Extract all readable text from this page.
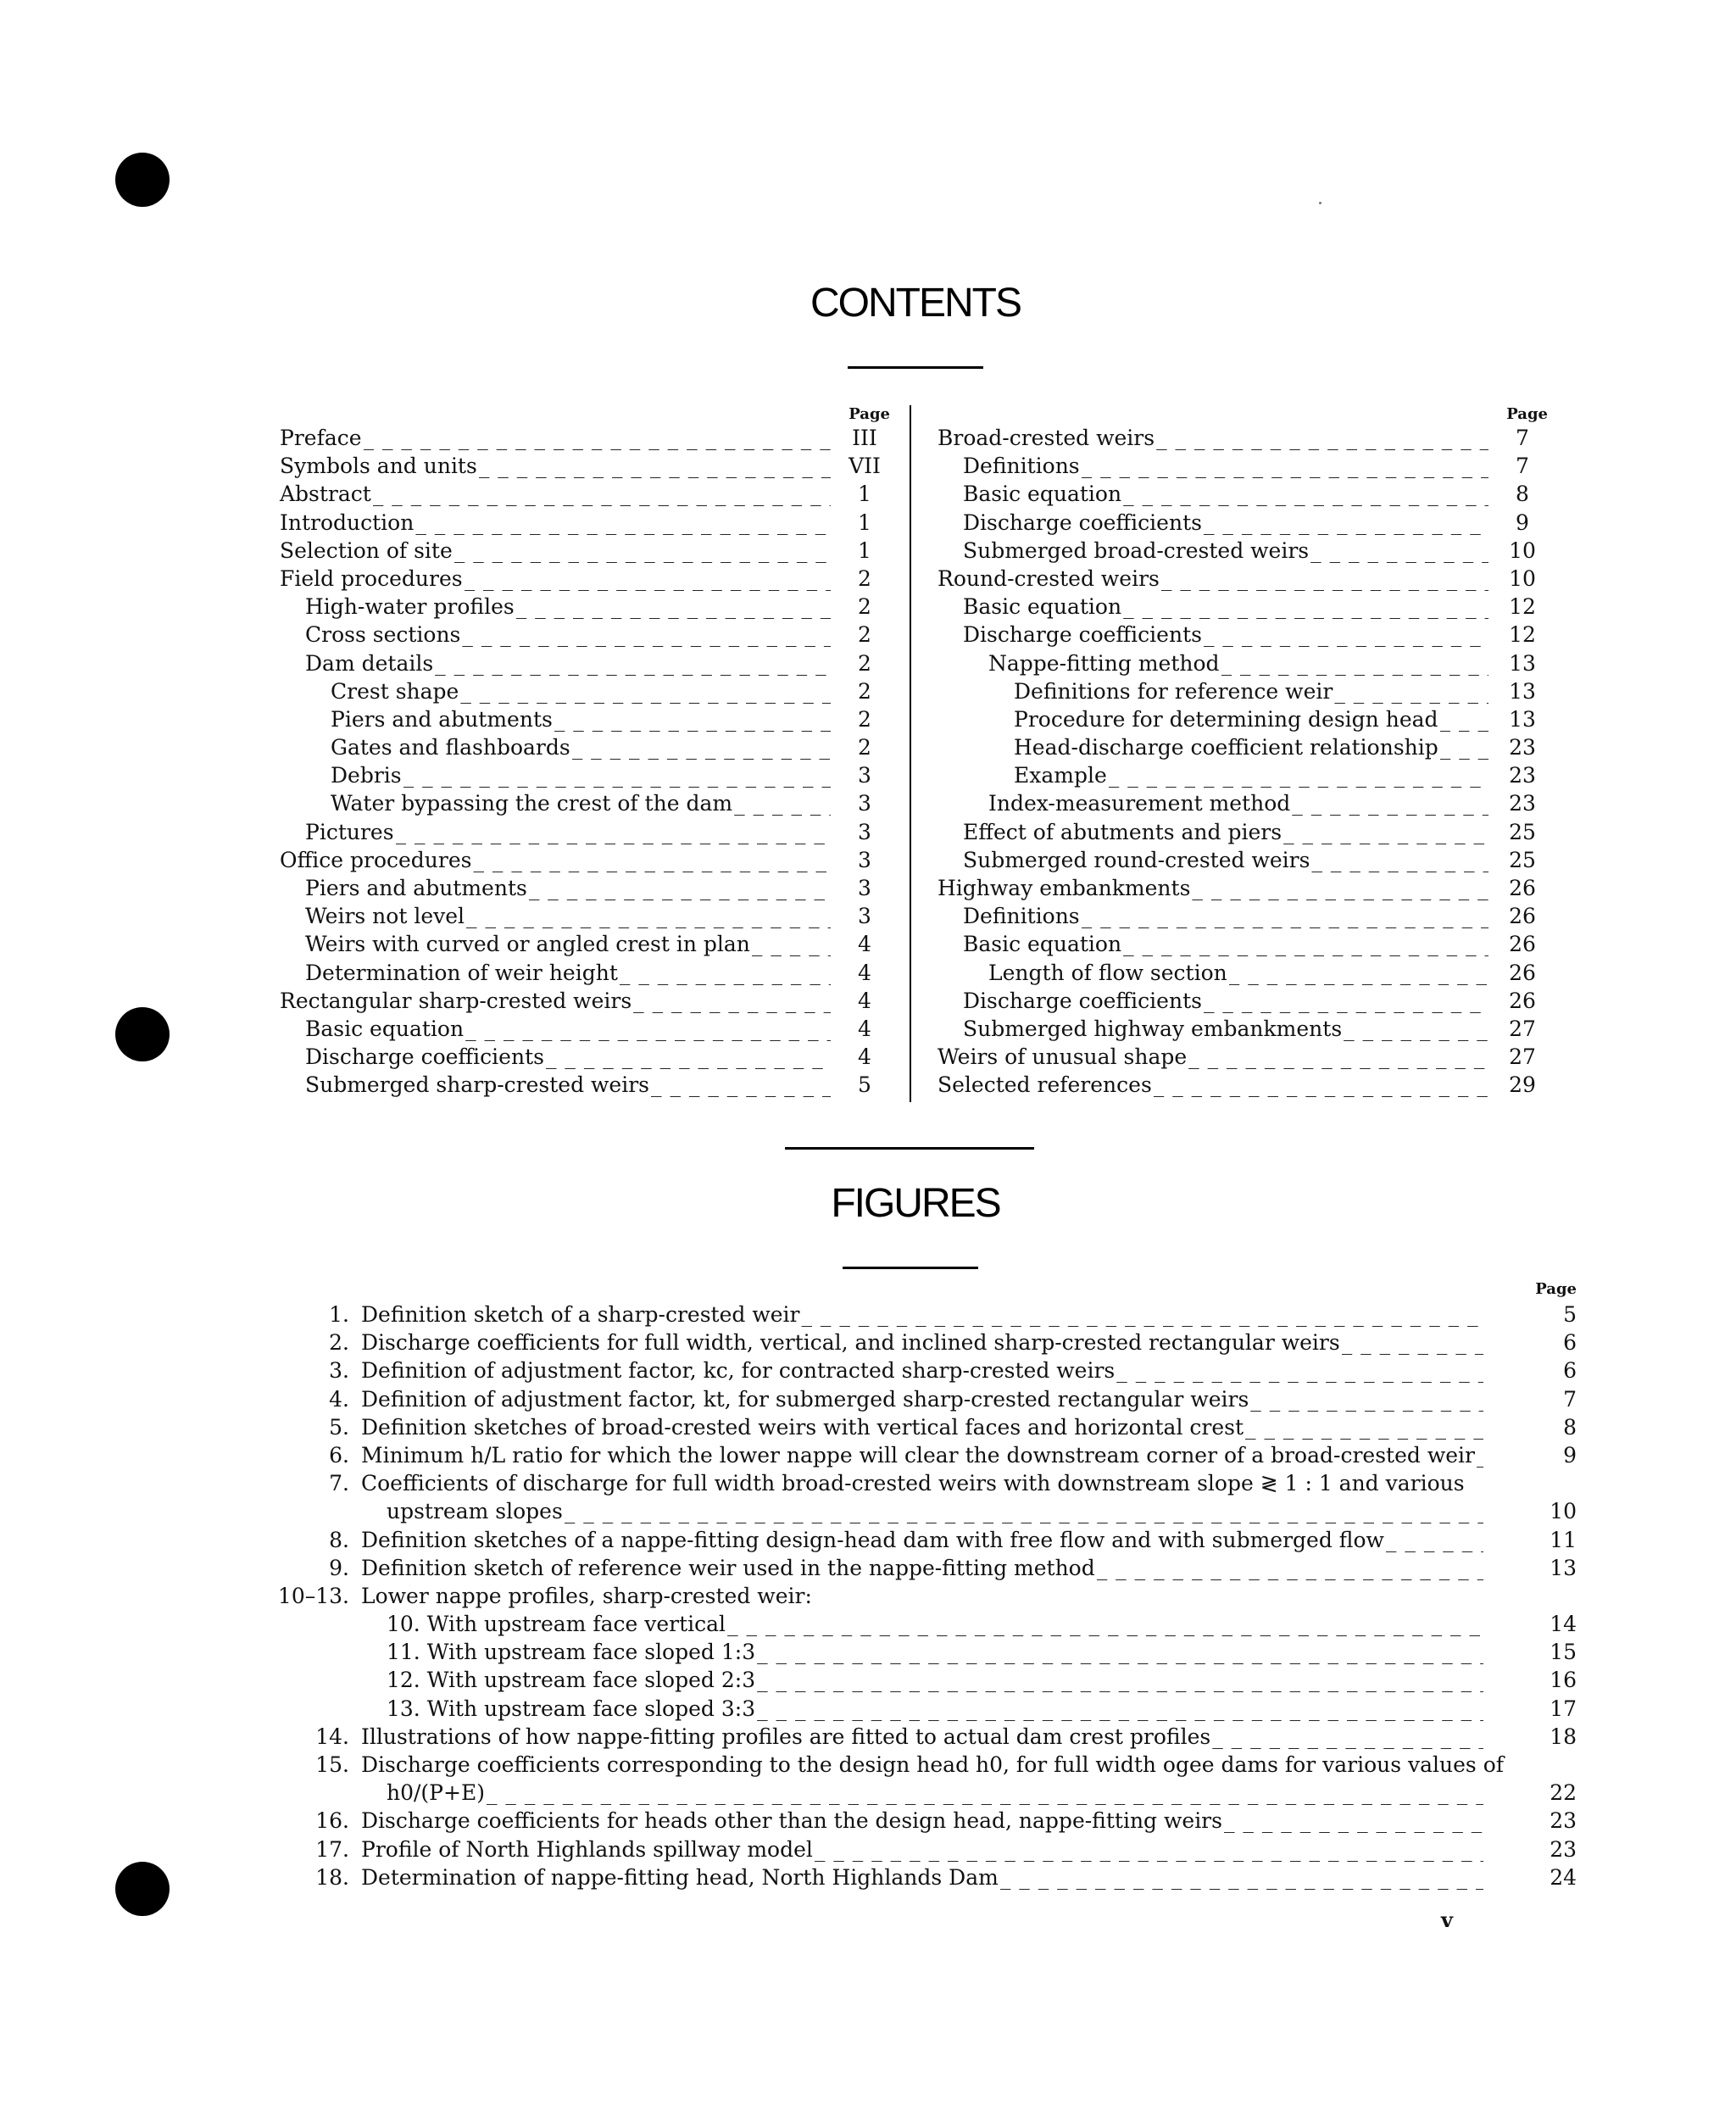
CONTENTS
Page
Preface _ _ _	III
Symbols and units _ _ _	VII
Abstract _ _ _	1
Introduction _ _ _	1
Selection of site _ _ _	1
Field procedures _ _ _	2
High-water profiles _ _ _	2
Cross sections _ _ _	2
Dam details _ _ _	2
Crest shape _ _ _	2
Piers and abutments _ _ _	2
Gates and flashboards _ _ _	2
Debris _ _ _	3
Water bypassing the crest of the dam _ _ _	3
Pictures _ _ _	3
Office procedures _ _ _	3
Piers and abutments _ _ _	3
Weirs not level _ _ _	3
Weirs with curved or angled crest in plan _ _ _	4
Determination of weir height _ _ _	4
Rectangular sharp-crested weirs _ _ _	4
Basic equation _ _ _	4
Discharge coefficients _ _ _	4
Submerged sharp-crested weirs _ _ _	5
Page
Broad-crested weirs _ _ _	7
Definitions _ _ _	7
Basic equation _ _ _	8
Discharge coefficients _ _ _	9
Submerged broad-crested weirs _ _ _	10
Round-crested weirs _ _ _	10
Basic equation _ _ _	12
Discharge coefficients _ _ _	12
Nappe-fitting method _ _ _	13
Definitions for reference weir _ _ _	13
Procedure for determining design head _ _ _	13
Head-discharge coefficient relationship _ _ _	23
Example _ _ _	23
Index-measurement method _ _ _	23
Effect of abutments and piers _ _ _	25
Submerged round-crested weirs _ _ _	25
Highway embankments _ _ _	26
Definitions _ _ _	26
Basic equation _ _ _	26
Length of flow section _ _ _	26
Discharge coefficients _ _ _	26
Submerged highway embankments _ _ _	27
Weirs of unusual shape _ _ _	27
Selected references _ _ _	29
FIGURES
Page
1. Definition sketch of a sharp-crested weir _ _ _	5
2. Discharge coefficients for full width, vertical, and inclined sharp-crested rectangular weirs _ _ _	6
3. Definition of adjustment factor, kc, for contracted sharp-crested weirs _ _ _	6
4. Definition of adjustment factor, kt, for submerged sharp-crested rectangular weirs _ _ _	7
5. Definition sketches of broad-crested weirs with vertical faces and horizontal crest _ _ _	8
6. Minimum h/L ratio for which the lower nappe will clear the downstream corner of a broad-crested weir _ _ _	9
7. Coefficients of discharge for full width broad-crested weirs with downstream slope ≷ 1 : 1 and various
upstream slopes _ _ _	10
8. Definition sketches of a nappe-fitting design-head dam with free flow and with submerged flow _ _ _	11
9. Definition sketch of reference weir used in the nappe-fitting method _ _ _	13
10–13. Lower nappe profiles, sharp-crested weir:
10. With upstream face vertical _ _ _	14
11. With upstream face sloped 1:3 _ _ _	15
12. With upstream face sloped 2:3 _ _ _	16
13. With upstream face sloped 3:3 _ _ _	17
14. Illustrations of how nappe-fitting profiles are fitted to actual dam crest profiles _ _ _	18
15. Discharge coefficients corresponding to the design head h0, for full width ogee dams for various values of
h0/(P+E) _ _ _	22
16. Discharge coefficients for heads other than the design head, nappe-fitting weirs _ _ _	23
17. Profile of North Highlands spillway model _ _ _	23
18. Determination of nappe-fitting head, North Highlands Dam _ _ _	24
v
